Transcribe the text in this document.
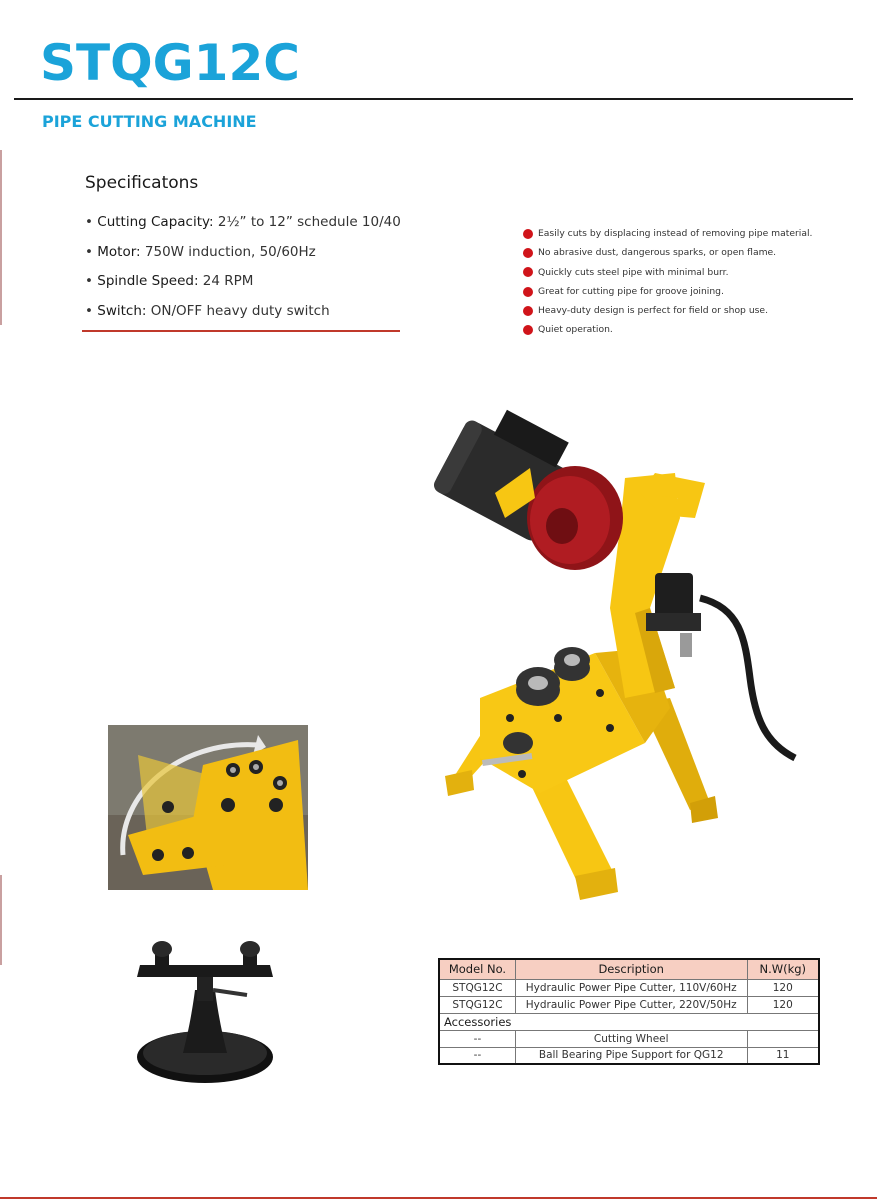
STQG12C
PIPE CUTTING MACHINE
Specificatons
• Cutting Capacity: 2½” to 12” schedule 10/40
• Motor: 750W induction, 50/60Hz
• Spindle Speed: 24 RPM
• Switch: ON/OFF heavy duty switch
Easily cuts by displacing instead of removing pipe material.
No abrasive dust, dangerous sparks, or open flame.
Quickly cuts steel pipe with minimal burr.
Great for cutting pipe for groove joining.
Heavy-duty design is perfect for field or shop use.
Quiet operation.
Model No.	Description	N.W(kg)
STQG12C	Hydraulic Power Pipe Cutter, 110V/60Hz	120
STQG12C	Hydraulic Power Pipe Cutter, 220V/50Hz	120
Accessories		
--	Cutting Wheel	
--	Ball Bearing Pipe Support for QG12	11
